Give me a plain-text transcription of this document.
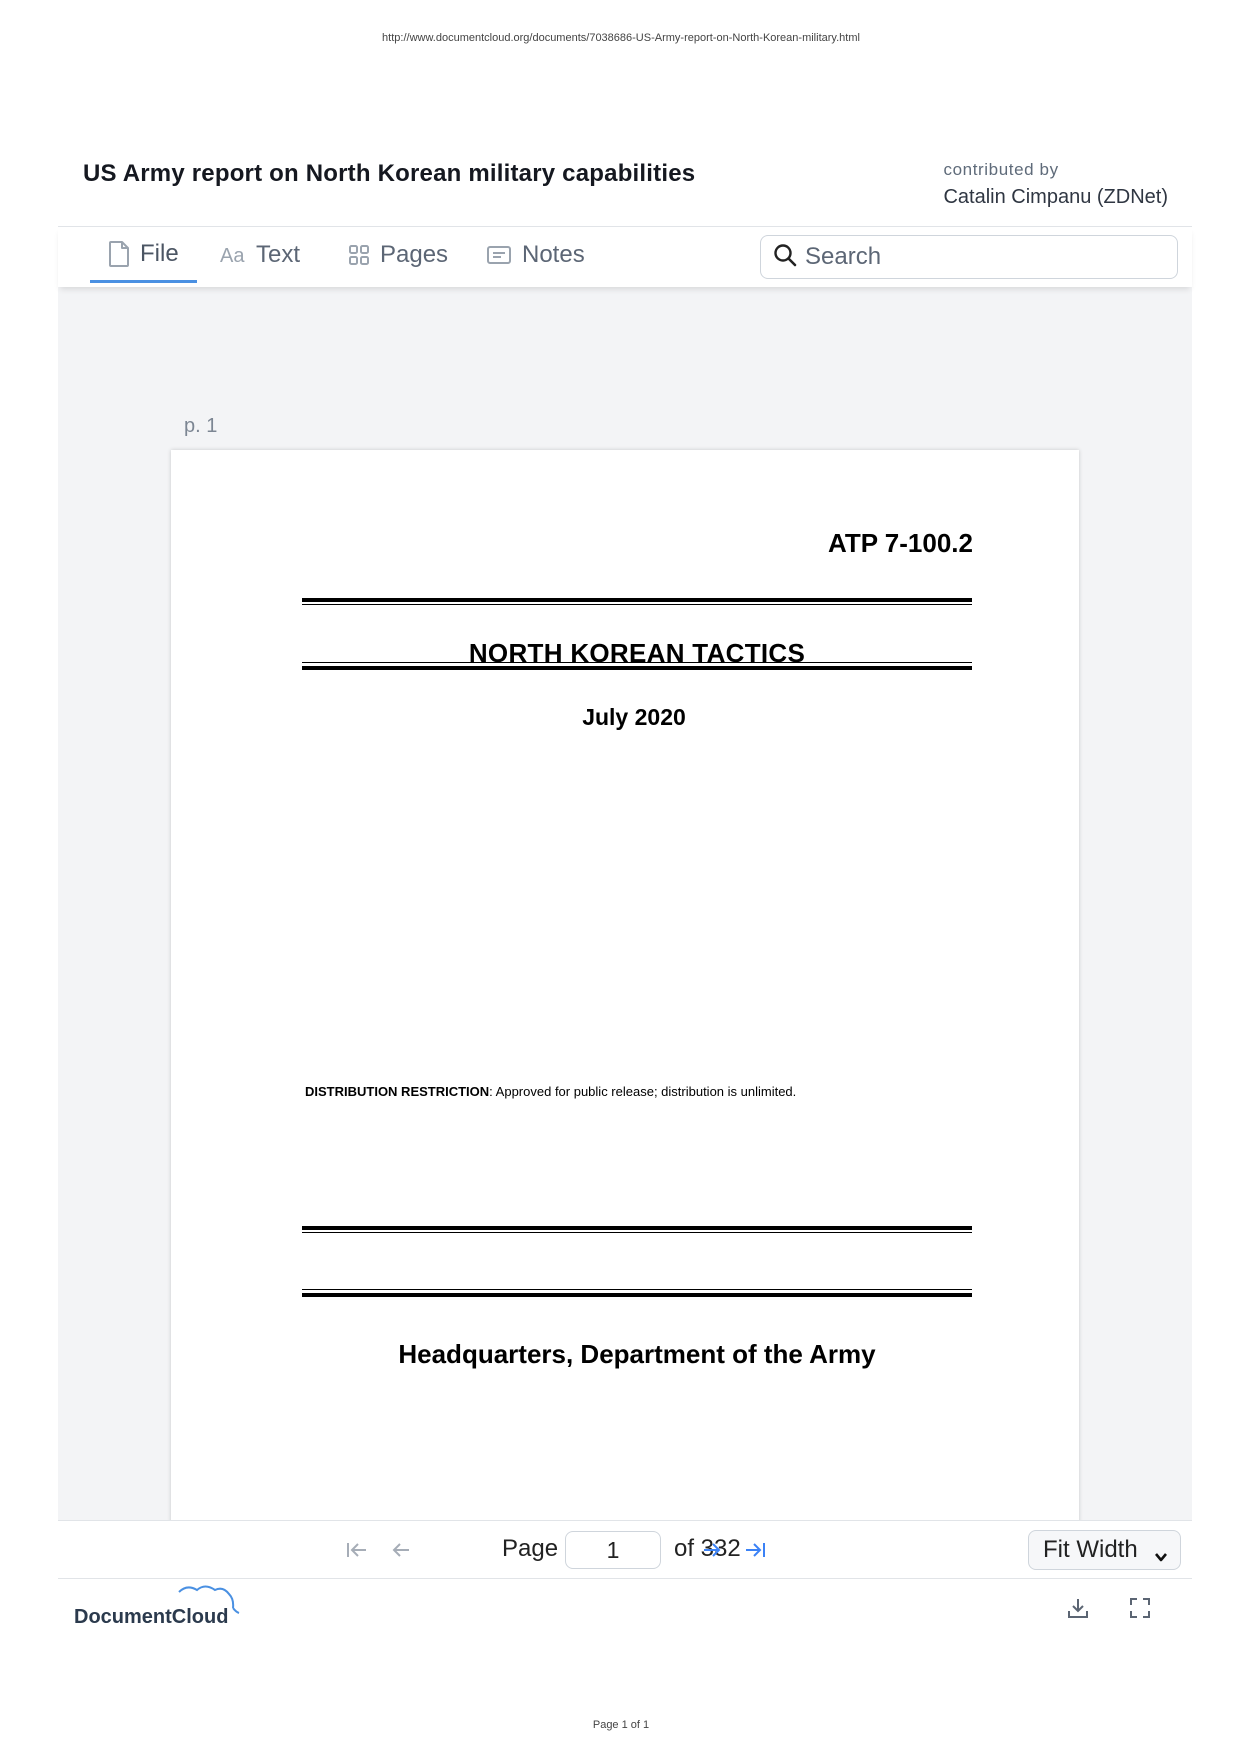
http://www.documentcloud.org/documents/7038686-US-Army-report-on-North-Korean-military.html
US Army report on North Korean military capabilities	contributed by
Catalin Cimpanu (ZDNet)
File Aa Text	Pages	Notes
Search
p. 1
ATP 7-100.2
NORTH KOREAN TACTICS
July 2020
DISTRIBUTION RESTRICTION: Approved for public release; distribution is unlimited.
Headquarters, Department of the Army
Page
1	of 332	Fit Width
DocumentCloud
Page 1 of 1
